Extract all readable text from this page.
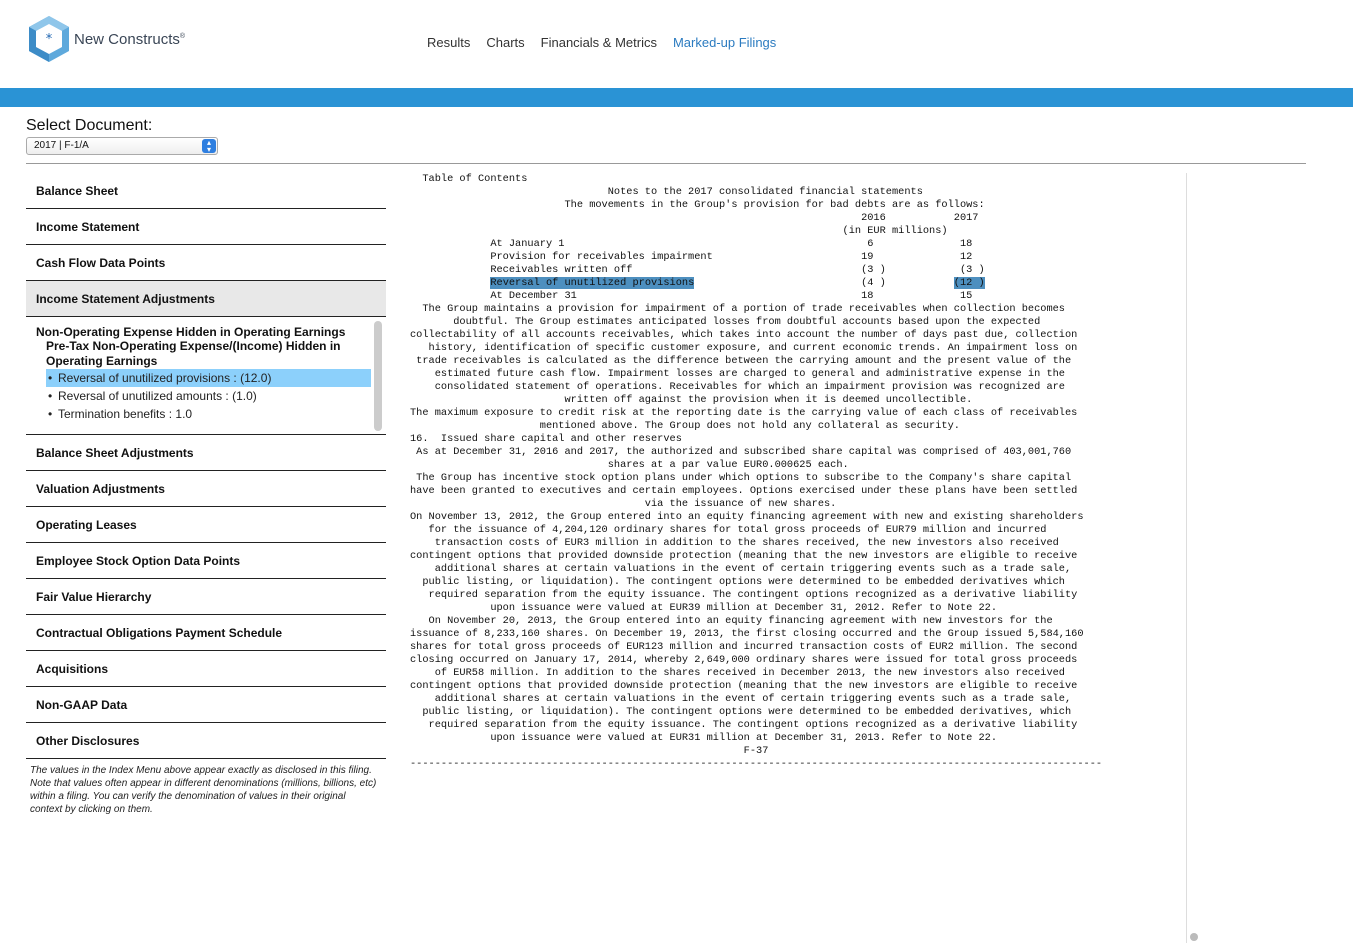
* New Constructs®	Results Charts Financials & Metrics Marked-up Filings
Select Document:
2017 | F-1/A	▴
▾
Balance Sheet
Income Statement
Cash Flow Data Points
Income Statement Adjustments
Non-Operating Expense Hidden in Operating Earnings
Pre-Tax Non-Operating Expense/(Income) Hidden in Operating Earnings
• Reversal of unutilized provisions : (12.0)
• Reversal of unutilized amounts : (1.0)
• Termination benefits : 1.0
Balance Sheet Adjustments
Valuation Adjustments
Operating Leases
Employee Stock Option Data Points
Fair Value Hierarchy
Contractual Obligations Payment Schedule
Acquisitions
Non-GAAP Data
Other Disclosures
The values in the Index Menu above appear exactly as disclosed in this filing. Note that values often appear in different denominations (millions, billions, etc) within a filing. You can verify the denomination of values in their original context by clicking on them.
Table of Contents
Notes to the 2017 consolidated financial statements
The movements in the Group's provision for bad debts are as follows:
2016           2017
(in EUR millions)
At January 1                                                 6              18
Provision for receivables impairment                        19              12
Receivables written off                                     (3 )            (3 )
Reversal of unutilized provisions                           (4 )           (12 )
At December 31                                              18              15
The Group maintains a provision for impairment of a portion of trade receivables when collection becomes
doubtful. The Group estimates anticipated losses from doubtful accounts based upon the expected
collectability of all accounts receivables, which takes into account the number of days past due, collection
history, identification of specific customer exposure, and current economic trends. An impairment loss on
trade receivables is calculated as the difference between the carrying amount and the present value of the
estimated future cash flow. Impairment losses are charged to general and administrative expense in the
consolidated statement of operations. Receivables for which an impairment provision was recognized are
written off against the provision when it is deemed uncollectible.
The maximum exposure to credit risk at the reporting date is the carrying value of each class of receivables
mentioned above. The Group does not hold any collateral as security.
16.  Issued share capital and other reserves
As at December 31, 2016 and 2017, the authorized and subscribed share capital was comprised of 403,001,760
shares at a par value EUR0.000625 each.
The Group has incentive stock option plans under which options to subscribe to the Company's share capital
have been granted to executives and certain employees. Options exercised under these plans have been settled
via the issuance of new shares.
On November 13, 2012, the Group entered into an equity financing agreement with new and existing shareholders
for the issuance of 4,204,120 ordinary shares for total gross proceeds of EUR79 million and incurred
transaction costs of EUR3 million in addition to the shares received, the new investors also received
contingent options that provided downside protection (meaning that the new investors are eligible to receive
additional shares at certain valuations in the event of certain triggering events such as a trade sale,
public listing, or liquidation). The contingent options were determined to be embedded derivatives which
required separation from the equity issuance. The contingent options recognized as a derivative liability
upon issuance were valued at EUR39 million at December 31, 2012. Refer to Note 22.
On November 20, 2013, the Group entered into an equity financing agreement with new investors for the
issuance of 8,233,160 shares. On December 19, 2013, the first closing occurred and the Group issued 5,584,160
shares for total gross proceeds of EUR123 million and incurred transaction costs of EUR2 million. The second
closing occurred on January 17, 2014, whereby 2,649,000 ordinary shares were issued for total gross proceeds
of EUR58 million. In addition to the shares received in December 2013, the new investors also received
contingent options that provided downside protection (meaning that the new investors are eligible to receive
additional shares at certain valuations in the event of certain triggering events such as a trade sale,
public listing, or liquidation). The contingent options were determined to be embedded derivatives, which
required separation from the equity issuance. The contingent options recognized as a derivative liability
upon issuance were valued at EUR31 million at December 31, 2013. Refer to Note 22.
F-37
----------------------------------------------------------------------------------------------------------------
